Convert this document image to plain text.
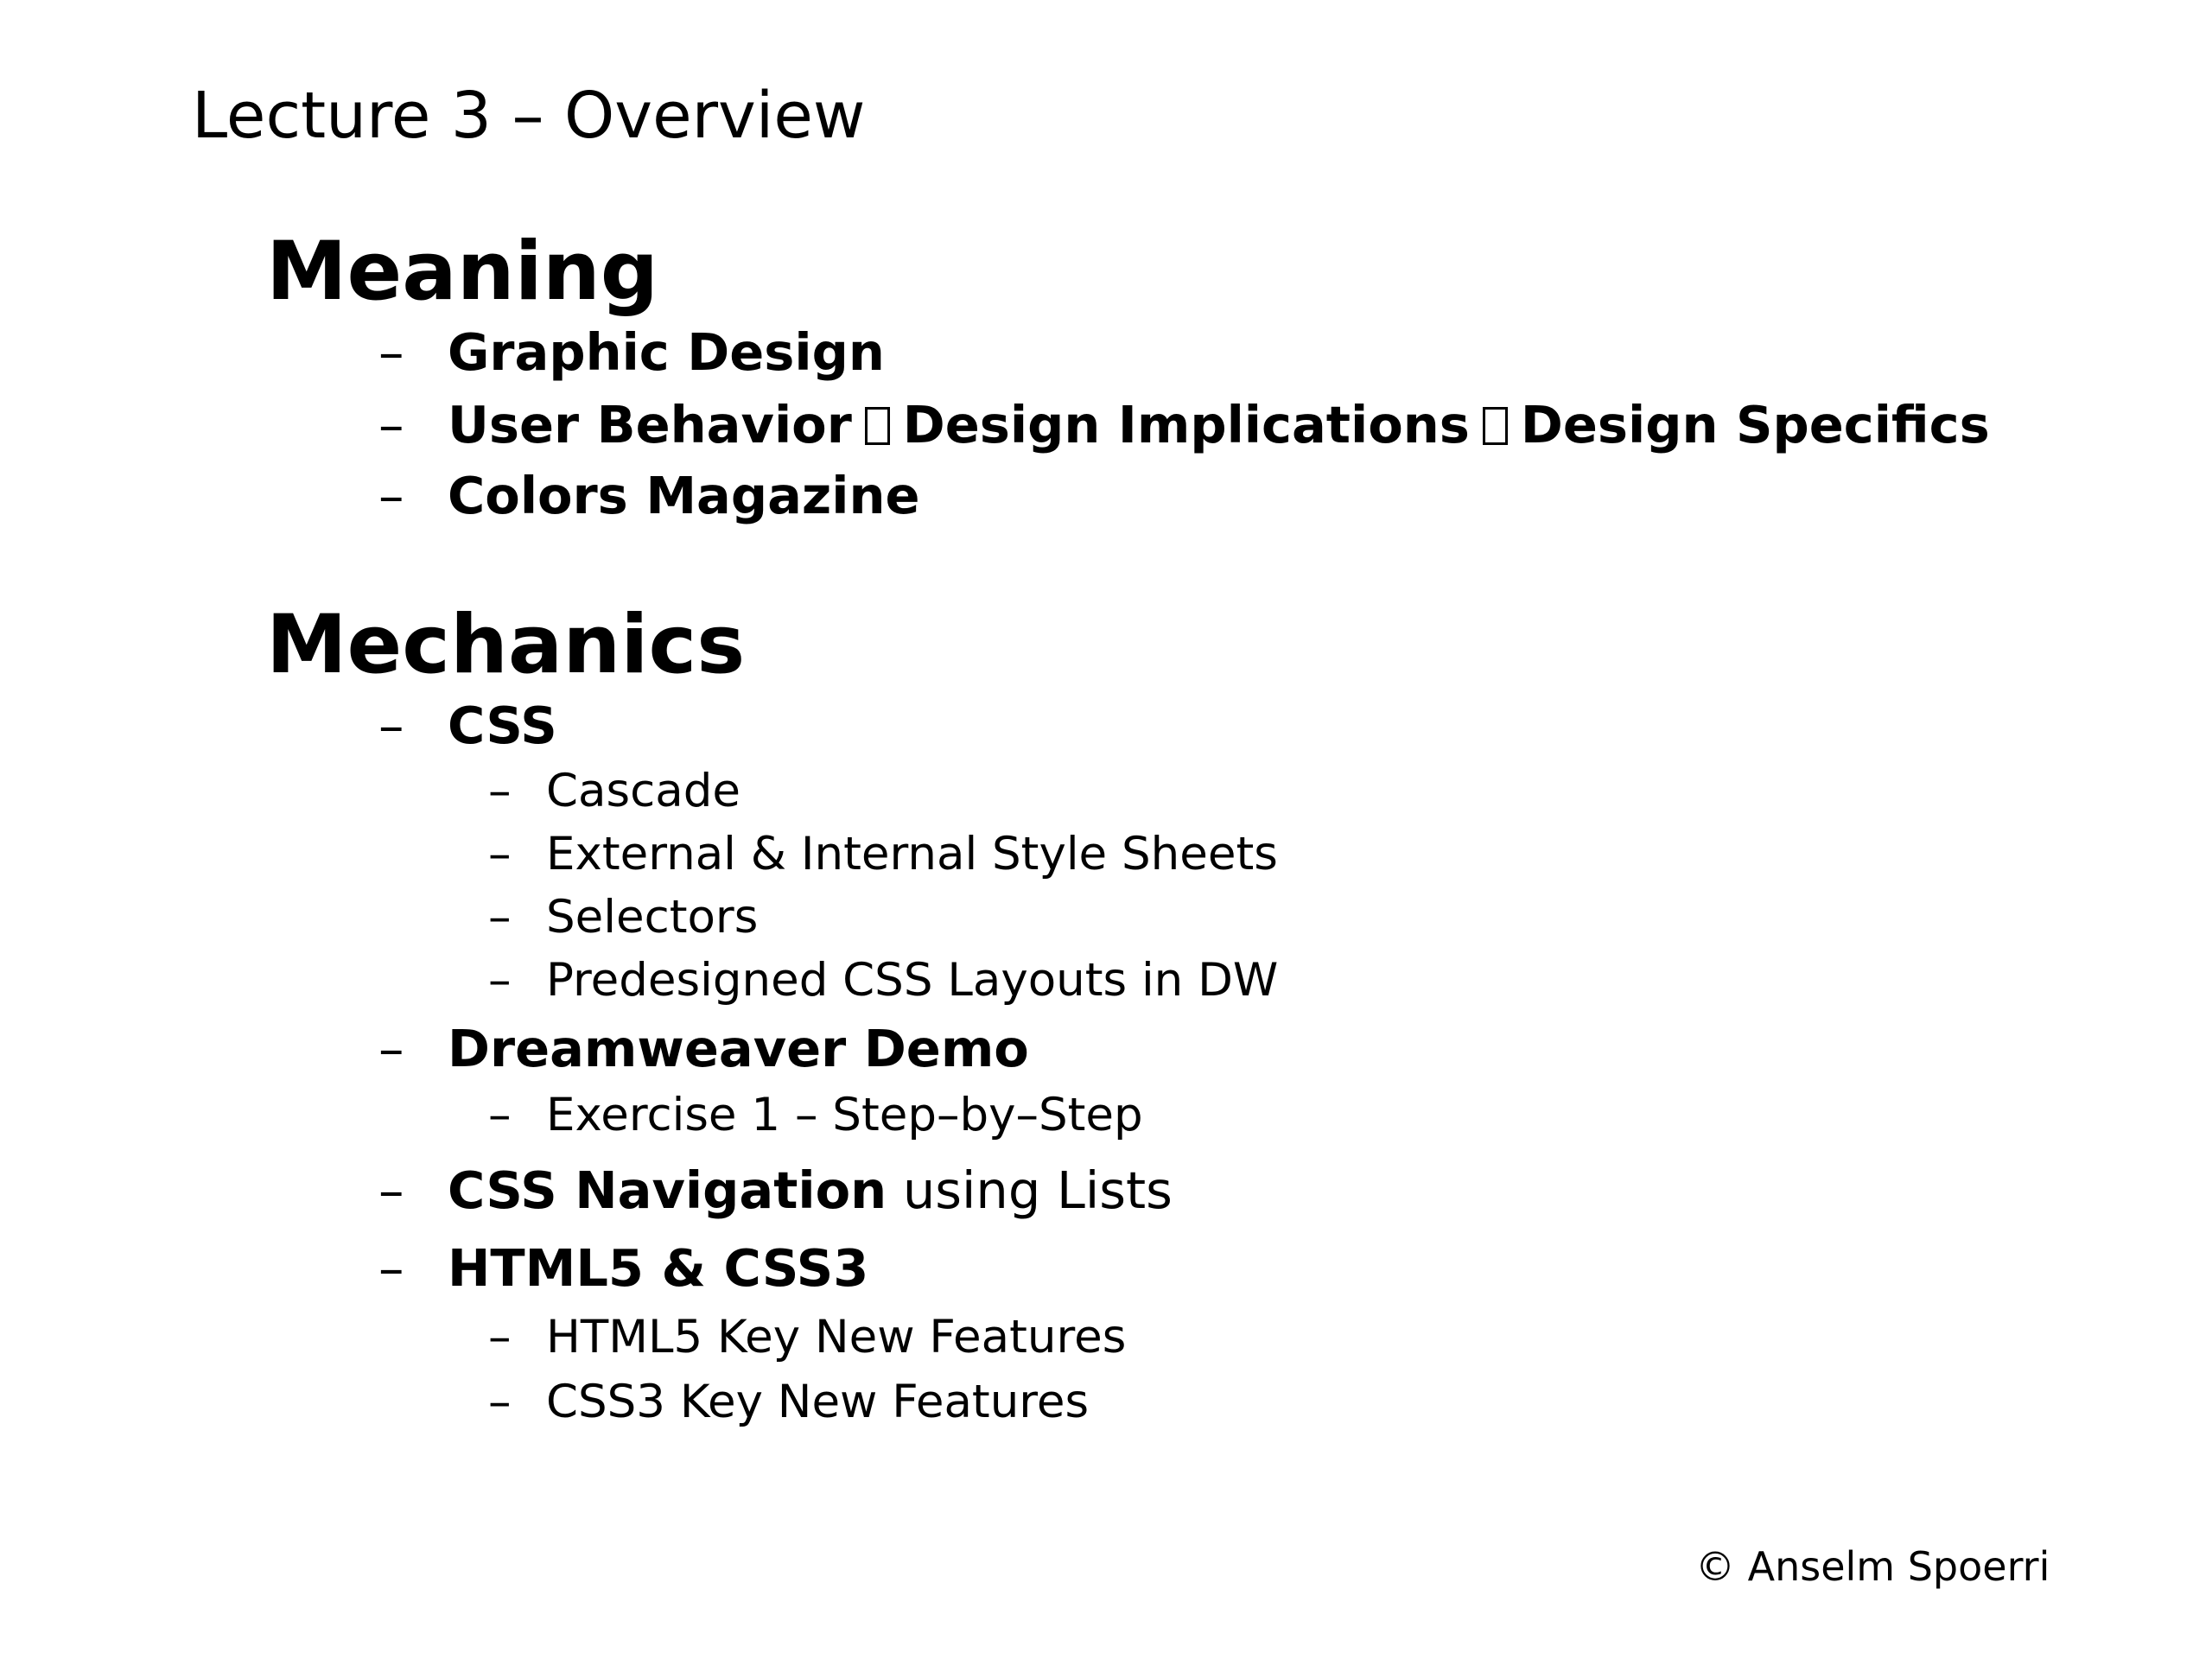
Lecture 3 – Overview
Meaning
– Graphic Design
– User Behavior Design Implications Design Specifics
– Colors Magazine
Mechanics
– CSS
– Cascade
– External & Internal Style Sheets
– Selectors
– Predesigned CSS Layouts in DW
– Dreamweaver Demo
– Exercise 1 – Step–by–Step
– CSS Navigation using Lists
– HTML5 & CSS3
– HTML5 Key New Features
– CSS3 Key New Features
© Anselm Spoerri
